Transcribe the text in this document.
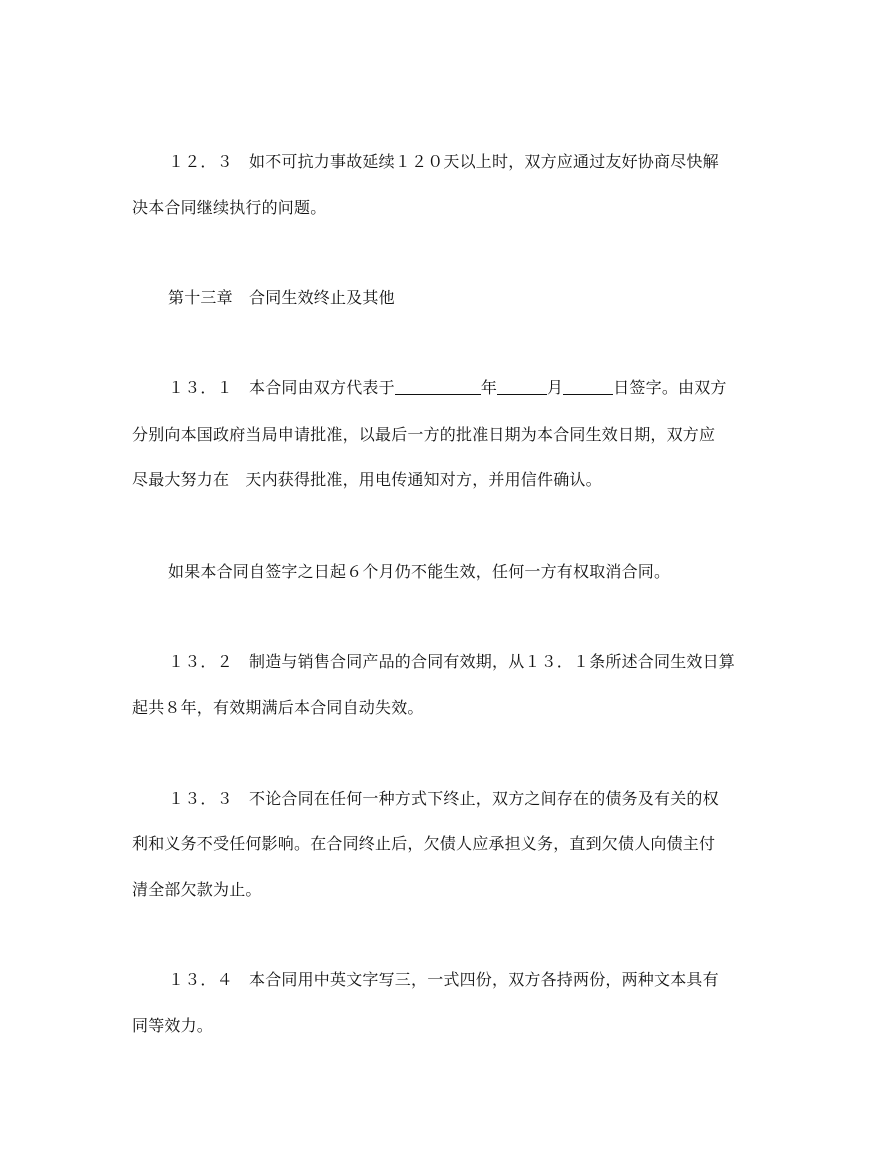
１２．３　如不可抗力事故延续１２０天以上时，双方应通过友好协商尽快解
决本合同继续执行的问题。
第十三章　合同生效终止及其他
１３．１　本合同由双方代表于	年	月	日签字。由双方
分别向本国政府当局申请批准，以最后一方的批准日期为本合同生效日期，双方应
尽最大努力在　天内获得批准，用电传通知对方，并用信件确认。
如果本合同自签字之日起６个月仍不能生效，任何一方有权取消合同。
１３．２　制造与销售合同产品的合同有效期，从１３．１条所述合同生效日算
起共８年，有效期满后本合同自动失效。
１３．３　不论合同在任何一种方式下终止，双方之间存在的债务及有关的权
利和义务不受任何影响。在合同终止后，欠债人应承担义务，直到欠债人向债主付
清全部欠款为止。
１３．４　本合同用中英文字写三，一式四份，双方各持两份，两种文本具有
同等效力。
